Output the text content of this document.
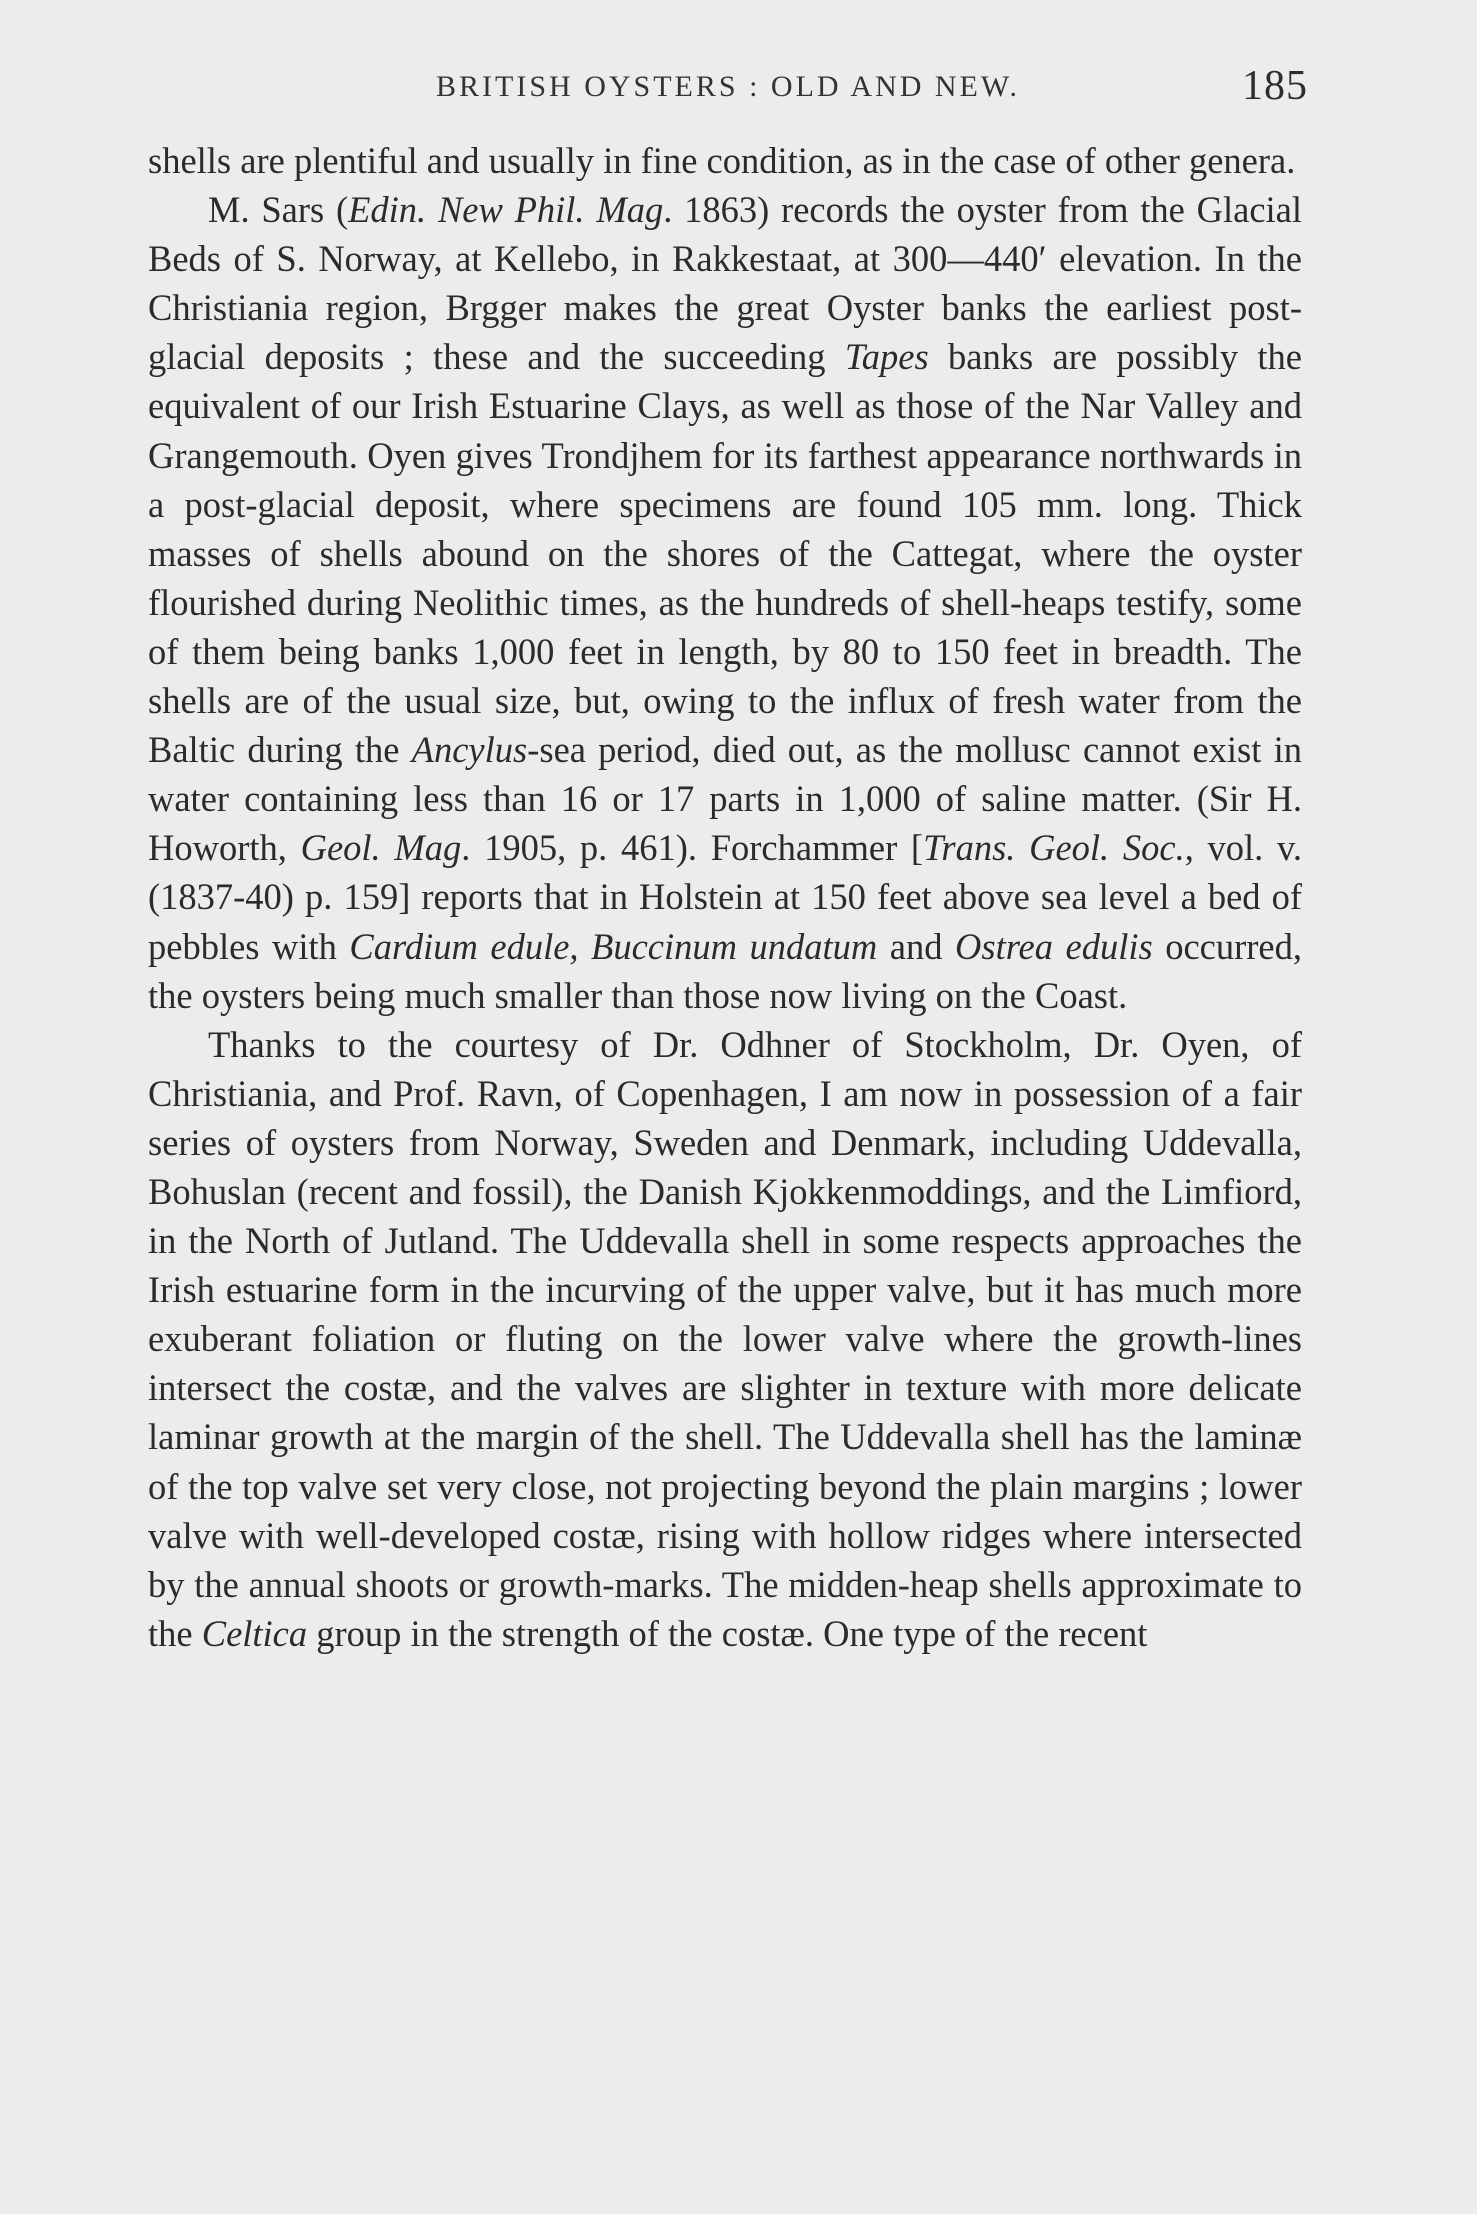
BRITISH OYSTERS : OLD AND NEW.	185

shells are plentiful and usually in fine condition, as in the case of other genera.

M. Sars (Edin. New Phil. Mag. 1863) records the oyster from the Glacial Beds of S. Norway, at Kellebo, in Rakkestaat, at 300—440′ elevation. In the Christiania region, Brgger makes the great Oyster banks the earliest post-glacial deposits ; these and the succeeding Tapes banks are possibly the equivalent of our Irish Estuarine Clays, as well as those of the Nar Valley and Grangemouth. Oyen gives Trondjhem for its farthest appearance northwards in a post-glacial deposit, where specimens are found 105 mm. long. Thick masses of shells abound on the shores of the Cattegat, where the oyster flourished during Neolithic times, as the hundreds of shell-heaps testify, some of them being banks 1,000 feet in length, by 80 to 150 feet in breadth. The shells are of the usual size, but, owing to the influx of fresh water from the Baltic during the Ancylus-sea period, died out, as the mollusc cannot exist in water containing less than 16 or 17 parts in 1,000 of saline matter. (Sir H. Howorth, Geol. Mag. 1905, p. 461). Forchammer [Trans. Geol. Soc., vol. v. (1837-40) p. 159] reports that in Holstein at 150 feet above sea level a bed of pebbles with Cardium edule, Buccinum undatum and Ostrea edulis occurred, the oysters being much smaller than those now living on the Coast.

Thanks to the courtesy of Dr. Odhner of Stockholm, Dr. Oyen, of Christiania, and Prof. Ravn, of Copenhagen, I am now in possession of a fair series of oysters from Norway, Sweden and Denmark, including Uddevalla, Bohuslan (recent and fossil), the Danish Kjokkenmoddings, and the Limfiord, in the North of Jutland. The Uddevalla shell in some respects approaches the Irish estuarine form in the incurving of the upper valve, but it has much more exuberant foliation or fluting on the lower valve where the growth-lines intersect the costæ, and the valves are slighter in texture with more delicate laminar growth at the margin of the shell. The Uddevalla shell has the laminæ of the top valve set very close, not projecting beyond the plain margins ; lower valve with well-developed costæ, rising with hollow ridges where intersected by the annual shoots or growth-marks. The midden-heap shells approximate to the Celtica group in the strength of the costæ. One type of the recent
